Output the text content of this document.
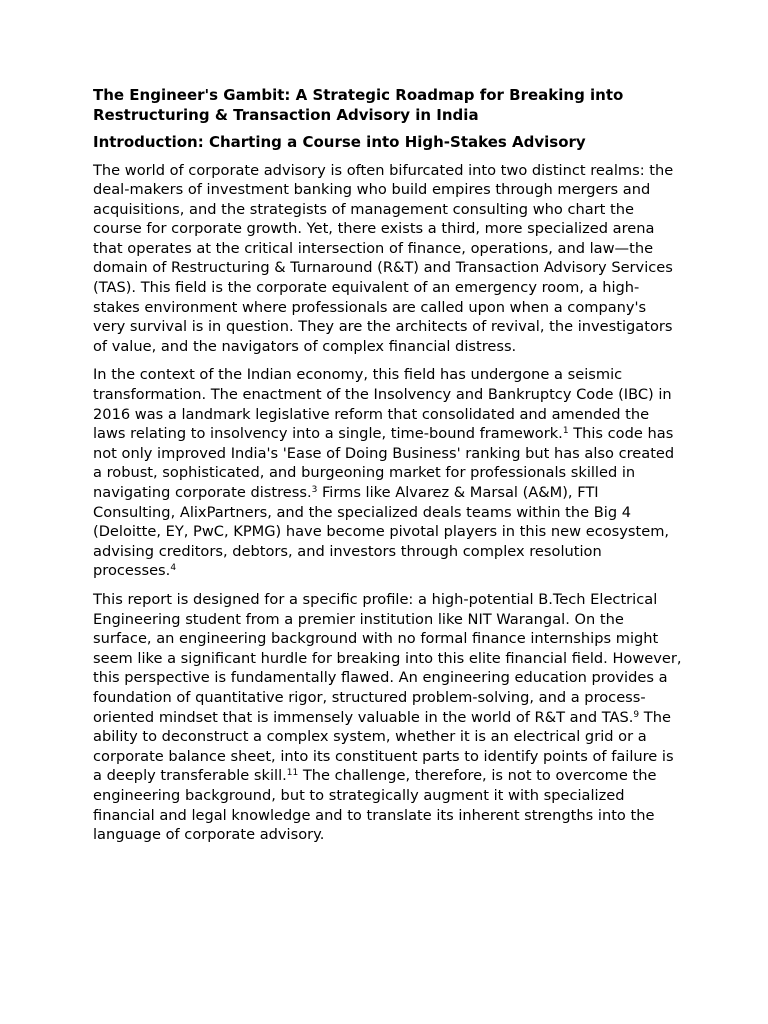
The Engineer's Gambit: A Strategic Roadmap for Breaking into Restructuring & Transaction Advisory in India
Introduction: Charting a Course into High-Stakes Advisory

The world of corporate advisory is often bifurcated into two distinct realms: the deal-makers of investment banking who build empires through mergers and acquisitions, and the strategists of management consulting who chart the course for corporate growth. Yet, there exists a third, more specialized arena that operates at the critical intersection of finance, operations, and law—the domain of Restructuring & Turnaround (R&T) and Transaction Advisory Services (TAS). This field is the corporate equivalent of an emergency room, a high-stakes environment where professionals are called upon when a company's very survival is in question. They are the architects of revival, the investigators of value, and the navigators of complex financial distress.

In the context of the Indian economy, this field has undergone a seismic transformation. The enactment of the Insolvency and Bankruptcy Code (IBC) in 2016 was a landmark legislative reform that consolidated and amended the laws relating to insolvency into a single, time-bound framework.$^1$ This code has not only improved India's 'Ease of Doing Business' ranking but has also created a robust, sophisticated, and burgeoning market for professionals skilled in navigating corporate distress.$^3$ Firms like Alvarez & Marsal (A&M), FTI Consulting, AlixPartners, and the specialized deals teams within the Big 4 (Deloitte, EY, PwC, KPMG) have become pivotal players in this new ecosystem, advising creditors, debtors, and investors through complex resolution processes.$^4$

This report is designed for a specific profile: a high-potential B.Tech Electrical Engineering student from a premier institution like NIT Warangal. On the surface, an engineering background with no formal finance internships might seem like a significant hurdle for breaking into this elite financial field. However, this perspective is fundamentally flawed. An engineering education provides a foundation of quantitative rigor, structured problem-solving, and a process-oriented mindset that is immensely valuable in the world of R&T and TAS.$^9$ The ability to deconstruct a complex system, whether it is an electrical grid or a corporate balance sheet, into its constituent parts to identify points of failure is a deeply transferable skill.$^{11}$ The challenge, therefore, is not to overcome the engineering background, but to strategically augment it with specialized financial and legal knowledge and to translate its inherent strengths into the language of corporate advisory.
